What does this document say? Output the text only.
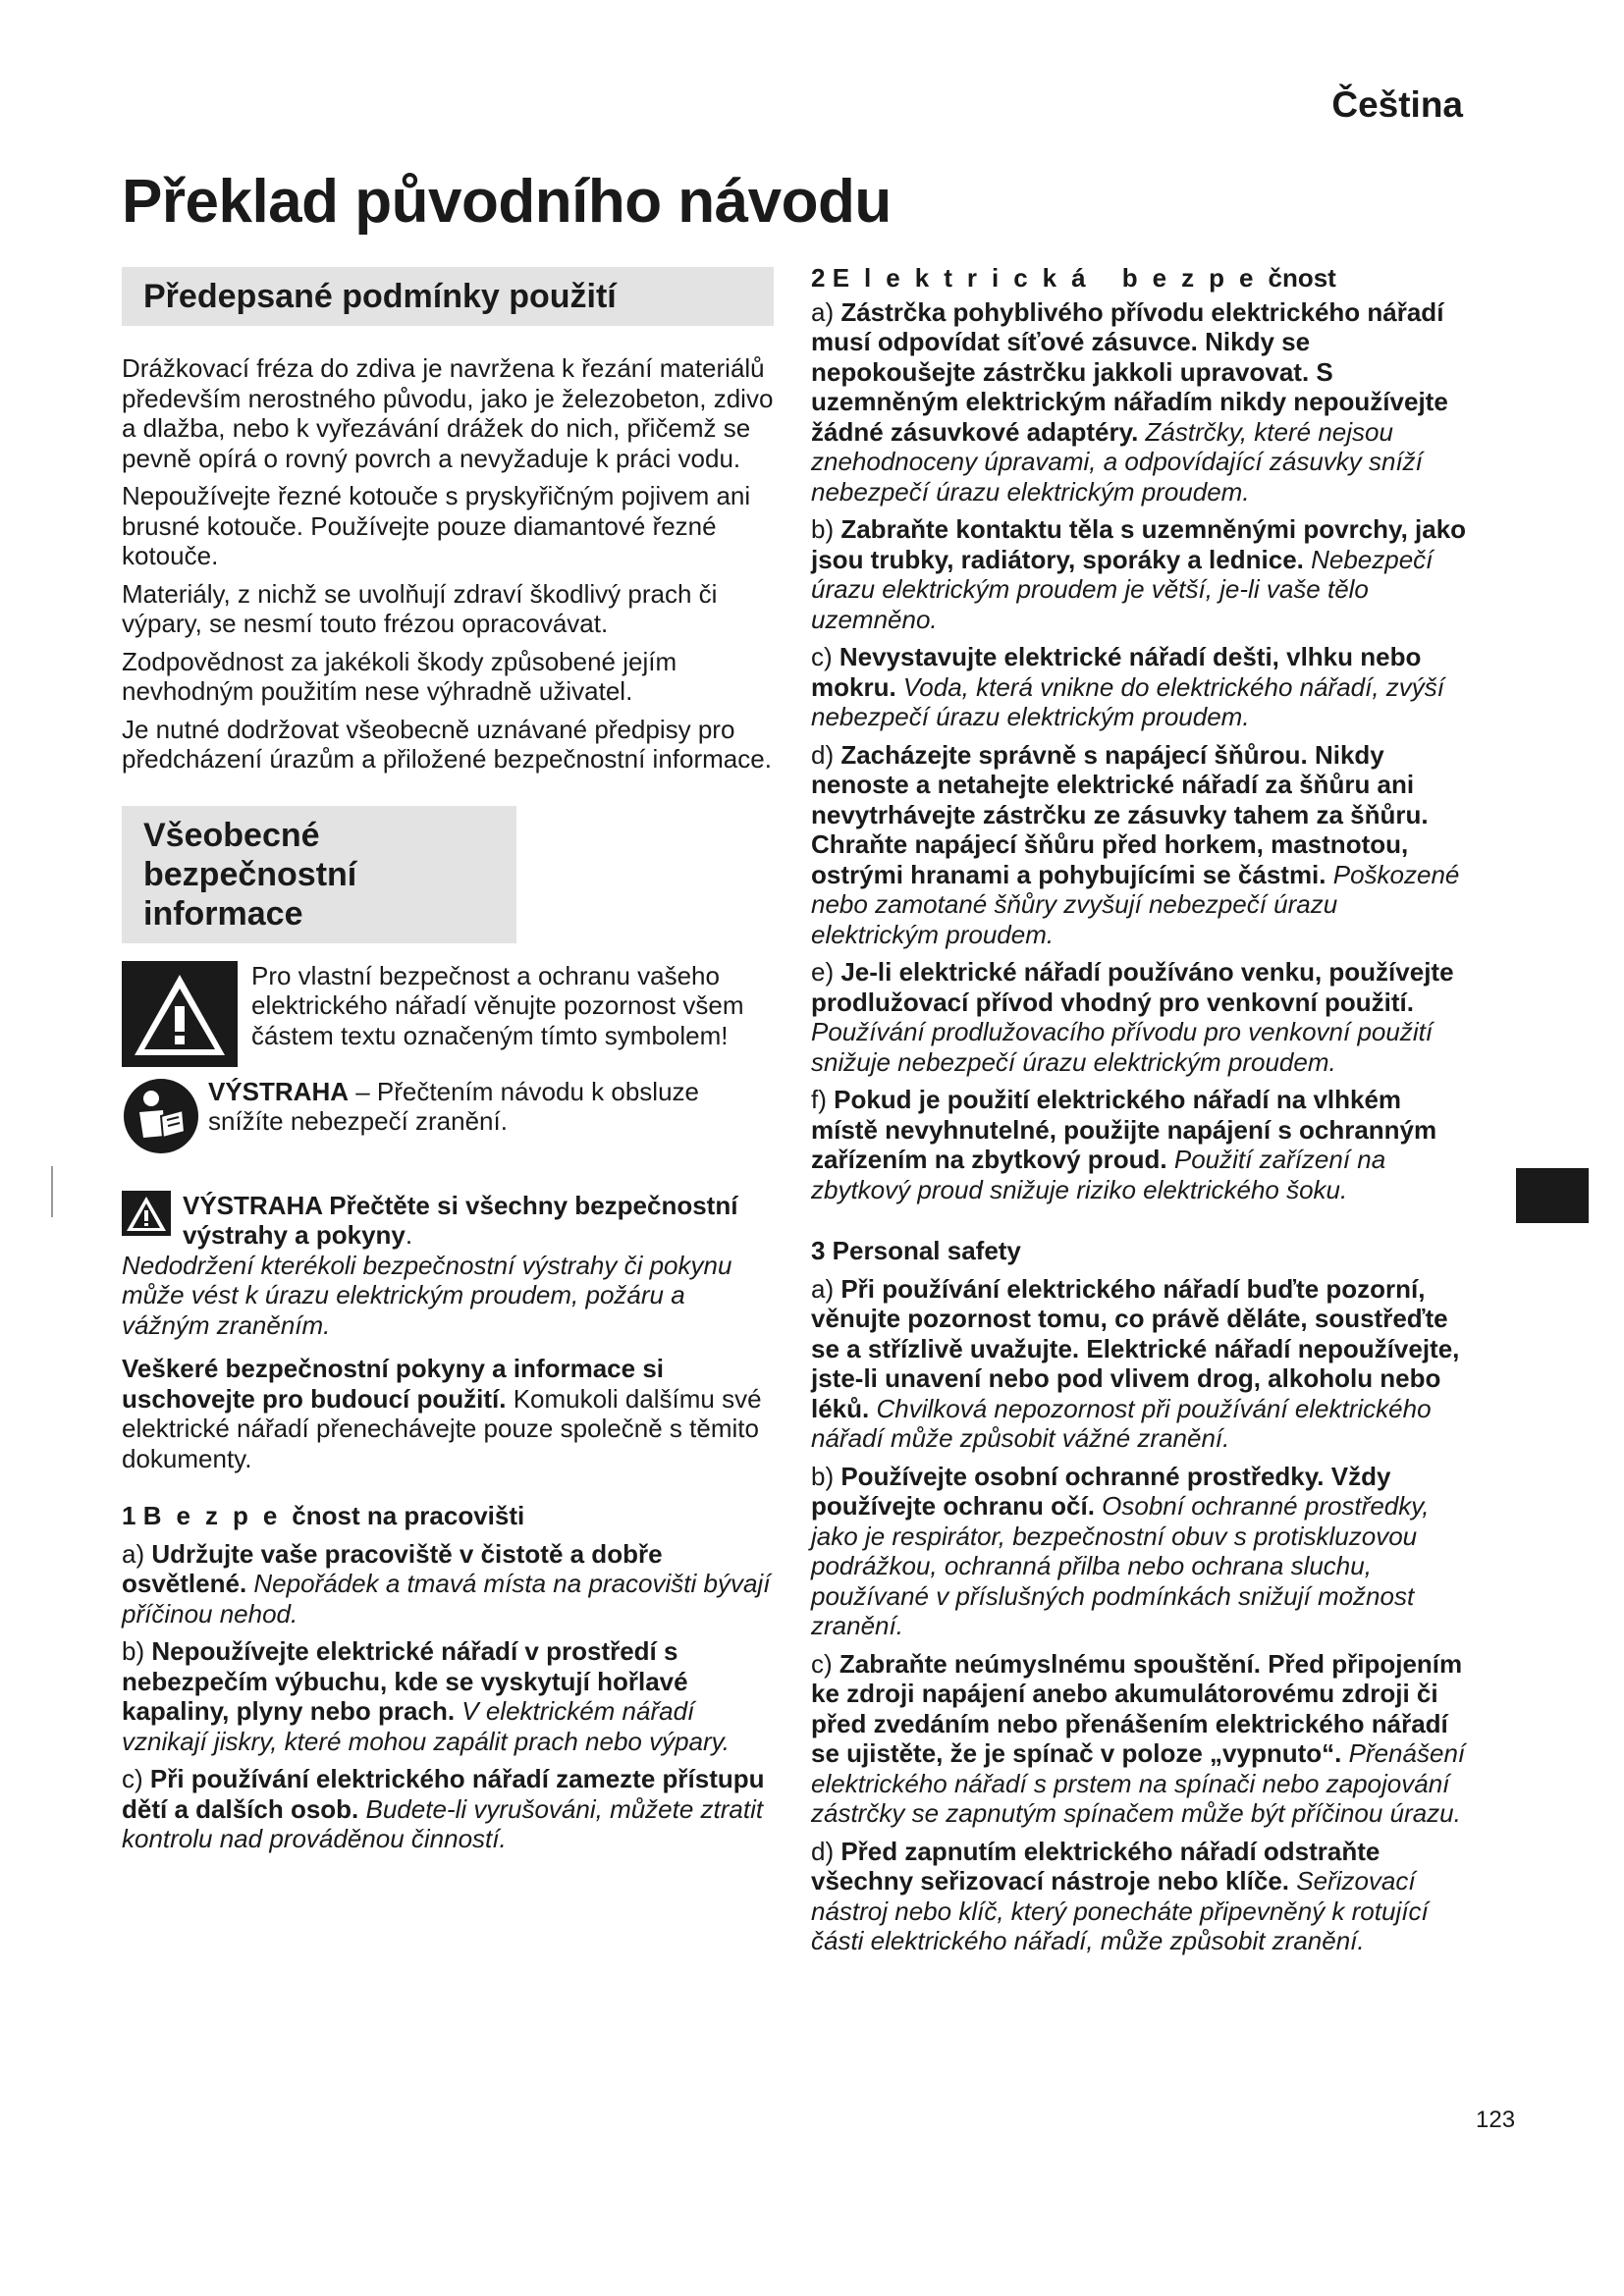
Čeština
Překlad původního návodu
Předepsané podmínky použití

Drážkovací fréza do zdiva je navržena k řezání materiálů především nerostného původu, jako je železobeton, zdivo a dlažba, nebo k vyřezávání drážek do nich, přičemž se pevně opírá o rovný povrch a nevyžaduje k práci vodu.

Nepoužívejte řezné kotouče s pryskyřičným pojivem ani brusné kotouče. Používejte pouze diamantové řezné kotouče.

Materiály, z nichž se uvolňují zdraví škodlivý prach či výpary, se nesmí touto frézou opracovávat.

Zodpovědnost za jakékoli škody způsobené jejím nevhodným použitím nese výhradně uživatel.

Je nutné dodržovat všeobecně uznávané předpisy pro předcházení úrazům a přiložené bezpečnostní informace.

Všeobecné bezpečnostní informace

Pro vlastní bezpečnost a ochranu vašeho elektrického nářadí věnujte pozornost všem částem textu označeným tímto symbolem!

VÝSTRAHA – Přečtením návodu k obsluze snížíte nebezpečí zranění.

VÝSTRAHA Přečtěte si všechny bezpečnostní výstrahy a pokyny.

Nedodržení kterékoli bezpečnostní výstrahy či pokynu může vést k úrazu elektrickým proudem, požáru a vážným zraněním.

Veškeré bezpečnostní pokyny a informace si uschovejte pro budoucí použití. Komukoli dalšímu své elektrické nářadí přenechávejte pouze společně s těmito dokumenty.

1 Bezpečnost na pracovišti

a) Udržujte vaše pracoviště v čistotě a dobře osvětlené. Nepořádek a tmavá místa na pracovišti bývají příčinou nehod.

b) Nepoužívejte elektrické nářadí v prostředí s nebezpečím výbuchu, kde se vyskytují hořlavé kapaliny, plyny nebo prach. V elektrickém nářadí vznikají jiskry, které mohou zapálit prach nebo výpary.

c) Při používání elektrického nářadí zamezte přístupu dětí a dalších osob. Budete-li vyrušováni, můžete ztratit kontrolu nad prováděnou činností.

2 Elektrická bezpečnost

a) Zástrčka pohyblivého přívodu elektrického nářadí musí odpovídat síťové zásuvce. Nikdy se nepokoušejte zástrčku jakkoli upravovat. S uzemněným elektrickým nářadím nikdy nepoužívejte žádné zásuvkové adaptéry. Zástrčky, které nejsou znehodnoceny úpravami, a odpovídající zásuvky sníží nebezpečí úrazu elektrickým proudem.

b) Zabraňte kontaktu těla s uzemněnými povrchy, jako jsou trubky, radiátory, sporáky a lednice. Nebezpečí úrazu elektrickým proudem je větší, je-li vaše tělo uzemněno.

c) Nevystavujte elektrické nářadí dešti, vlhku nebo mokru. Voda, která vnikne do elektrického nářadí, zvýší nebezpečí úrazu elektrickým proudem.

d) Zacházejte správně s napájecí šňůrou. Nikdy nenoste a netahejte elektrické nářadí za šňůru ani nevytrhávejte zástrčku ze zásuvky tahem za šňůru. Chraňte napájecí šňůru před horkem, mastnotou, ostrými hranami a pohybujícími se částmi. Poškozené nebo zamotané šňůry zvyšují nebezpečí úrazu elektrickým proudem.

e) Je-li elektrické nářadí používáno venku, používejte prodlužovací přívod vhodný pro venkovní použití. Používání prodlužovacího přívodu pro venkovní použití snižuje nebezpečí úrazu elektrickým proudem.

f) Pokud je použití elektrického nářadí na vlhkém místě nevyhnutelné, použijte napájení s ochranným zařízením na zbytkový proud. Použití zařízení na zbytkový proud snižuje riziko elektrického šoku.

3 Personal safety

a) Při používání elektrického nářadí buďte pozorní, věnujte pozornost tomu, co právě děláte, soustřeďte se a střízlivě uvažujte. Elektrické nářadí nepoužívejte, jste-li unavení nebo pod vlivem drog, alkoholu nebo léků. Chvilková nepozornost při používání elektrického nářadí může způsobit vážné zranění.

b) Používejte osobní ochranné prostředky. Vždy používejte ochranu očí. Osobní ochranné prostředky, jako je respirátor, bezpečnostní obuv s protiskluzovou podrážkou, ochranná přilba nebo ochrana sluchu, používané v příslušných podmínkách snižují možnost zranění.

c) Zabraňte neúmyslnému spouštění. Před připojením ke zdroji napájení anebo akumulátorovému zdroji či před zvedáním nebo přenášením elektrického nářadí se ujistěte, že je spínač v poloze „vypnuto“. Přenášení elektrického nářadí s prstem na spínači nebo zapojování zástrčky se zapnutým spínačem může být příčinou úrazu.

d) Před zapnutím elektrického nářadí odstraňte všechny seřizovací nástroje nebo klíče. Seřizovací nástroj nebo klíč, který ponecháte připevněný k rotující části elektrického nářadí, může způsobit zranění.

123
